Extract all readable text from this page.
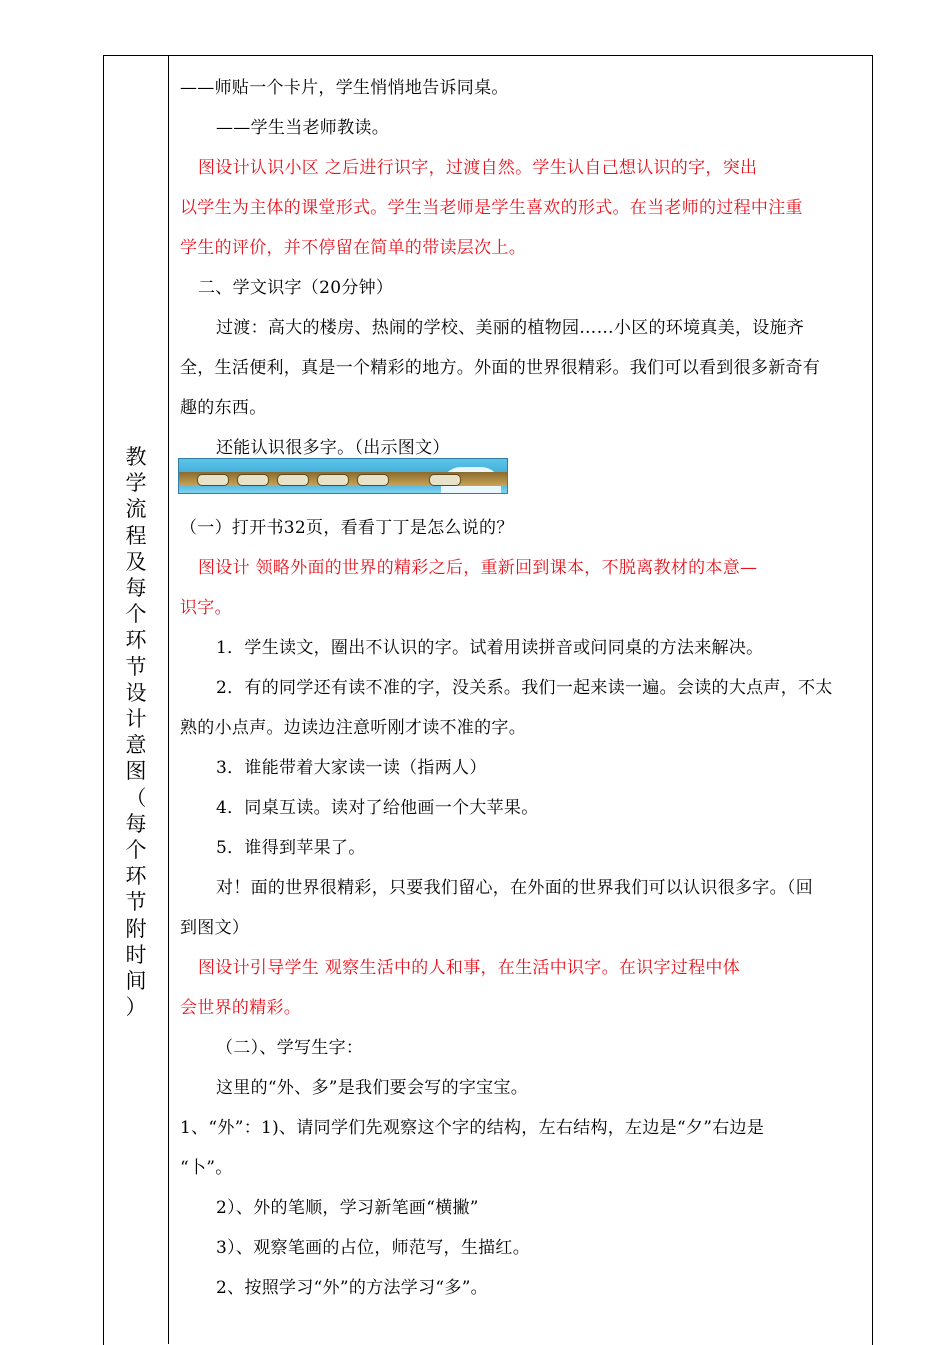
教
学
流
程
及
每
个
环
节
设
计
意
图
（
每
个
环
节
附
时
间
）
——师贴一个卡片，学生悄悄地告诉同桌。
——学生当老师教读。
图设计认识小区 之后进行识字，过渡自然。学生认自己想认识的字，突出
以学生为主体的课堂形式。学生当老师是学生喜欢的形式。在当老师的过程中注重
学生的评价，并不停留在简单的带读层次上。
二、学文识字（20分钟）
过渡：高大的楼房、热闹的学校、美丽的植物园……小区的环境真美，设施齐
全，生活便利，真是一个精彩的地方。外面的世界很精彩。我们可以看到很多新奇有
趣的东西。
还能认识很多字。（出示图文）
（一）打开书32页，看看丁丁是怎么说的？
图设计 领略外面的世界的精彩之后，重新回到课本，不脱离教材的本意—
识字。
1．学生读文，圈出不认识的字。试着用读拼音或问同桌的方法来解决。
2．有的同学还有读不准的字，没关系。我们一起来读一遍。会读的大点声，不太
熟的小点声。边读边注意听刚才读不准的字。
3．谁能带着大家读一读（指两人）
4．同桌互读。读对了给他画一个大苹果。
5．谁得到苹果了。
对！面的世界很精彩，只要我们留心，在外面的世界我们可以认识很多字。（回
到图文）
图设计引导学生 观察生活中的人和事，在生活中识字。在识字过程中体
会世界的精彩。
（二）、学写生字：
这里的“外、多”是我们要会写的字宝宝。
1、“外”：1)、请同学们先观察这个字的结构，左右结构，左边是“夕”右边是
“卜”。
2）、外的笔顺，学习新笔画“横撇”
3）、观察笔画的占位，师范写，生描红。
2、按照学习“外”的方法学习“多”。
